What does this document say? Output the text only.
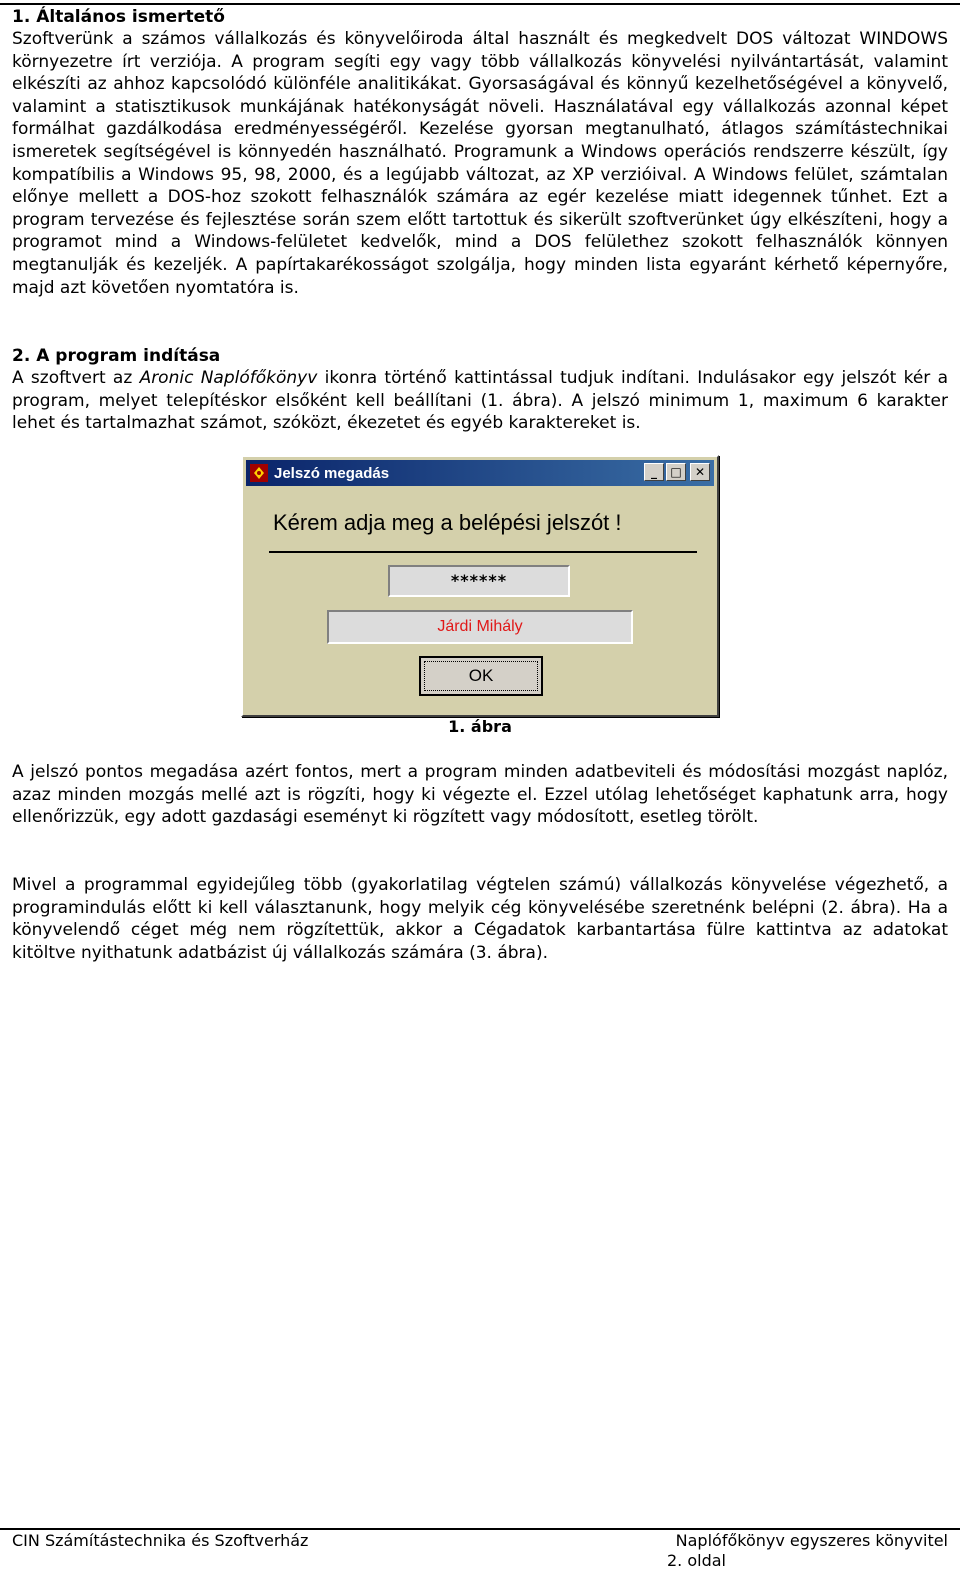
1. Általános ismertető

Szoftverünk a számos vállalkozás és könyvelőiroda által használt és megkedvelt DOS változat WINDOWS környezetre írt verziója. A program segíti egy vagy több vállalkozás könyvelési nyilvántartását, valamint elkészíti az ahhoz kapcsolódó különféle analitikákat. Gyorsaságával és könnyű kezelhetőségével a könyvelő, valamint a statisztikusok munkájának hatékonyságát növeli. Használatával egy vállalkozás azonnal képet formálhat gazdálkodása eredményességéről. Kezelése gyorsan megtanulható, átlagos számítástechnikai ismeretek segítségével is könnyedén használható. Programunk a Windows operációs rendszerre készült, így kompatíbilis a Windows 95, 98, 2000, és a legújabb változat, az XP verzióival. A Windows felület, számtalan előnye mellett a DOS-hoz szokott felhasználók számára az egér kezelése miatt idegennek tűnhet. Ezt a program tervezése és fejlesztése során szem előtt tartottuk és sikerült szoftverünket úgy elkészíteni, hogy a programot mind a Windows-felületet kedvelők, mind a DOS felülethez szokott felhasználók könnyen megtanulják és kezeljék. A papírtakarékosságot szolgálja, hogy minden lista egyaránt kérhető képernyőre, majd azt követően nyomtatóra is.

2. A program indítása

A szoftvert az Aronic Naplófőkönyv ikonra történő kattintással tudjuk indítani. Indulásakor egy jelszót kér a program, melyet telepítéskor elsőként kell beállítani (1. ábra). A jelszó minimum 1, maximum 6 karakter lehet és tartalmazhat számot, szóközt, ékezetet és egyéb karaktereket is.

Jelszó megadás	_	□	✕
Kérem adja meg a belépési jelszót !
******
Járdi Mihály
OK
1. ábra

A jelszó pontos megadása azért fontos, mert a program minden adatbeviteli és módosítási mozgást naplóz, azaz minden mozgás mellé azt is rögzíti, hogy ki végezte el. Ezzel utólag lehetőséget kaphatunk arra, hogy ellenőrizzük, egy adott gazdasági eseményt ki rögzített vagy módosított, esetleg törölt.

Mivel a programmal egyidejűleg több (gyakorlatilag végtelen számú) vállalkozás könyvelése végezhető, a programindulás előtt ki kell választanunk, hogy melyik cég könyvelésébe szeretnénk belépni (2. ábra). Ha a könyvelendő céget még nem rögzítettük, akkor a Cégadatok karbantartása fülre kattintva az adatokat kitöltve nyithatunk adatbázist új vállalkozás számára (3. ábra).

CIN Számítástechnika és Szoftverház	Naplófőkönyv egyszeres könyvitel
2. oldal
